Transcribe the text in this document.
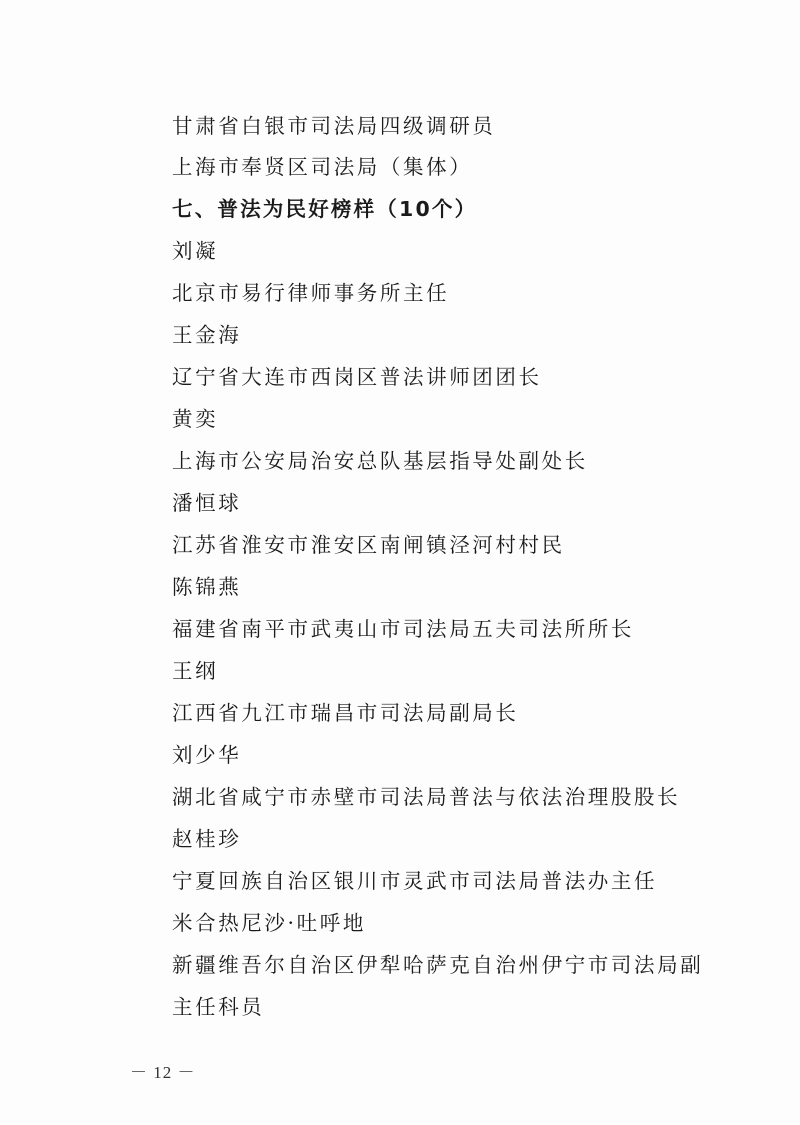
甘肃省白银市司法局四级调研员
上海市奉贤区司法局（集体）
七、普法为民好榜样（10个）
刘凝
北京市易行律师事务所主任
王金海
辽宁省大连市西岗区普法讲师团团长
黄奕
上海市公安局治安总队基层指导处副处长
潘恒球
江苏省淮安市淮安区南闸镇泾河村村民
陈锦燕
福建省南平市武夷山市司法局五夫司法所所长
王纲
江西省九江市瑞昌市司法局副局长
刘少华
湖北省咸宁市赤壁市司法局普法与依法治理股股长
赵桂珍
宁夏回族自治区银川市灵武市司法局普法办主任
米合热尼沙·吐呼地
新疆维吾尔自治区伊犁哈萨克自治州伊宁市司法局副
主任科员
－ 12 －
